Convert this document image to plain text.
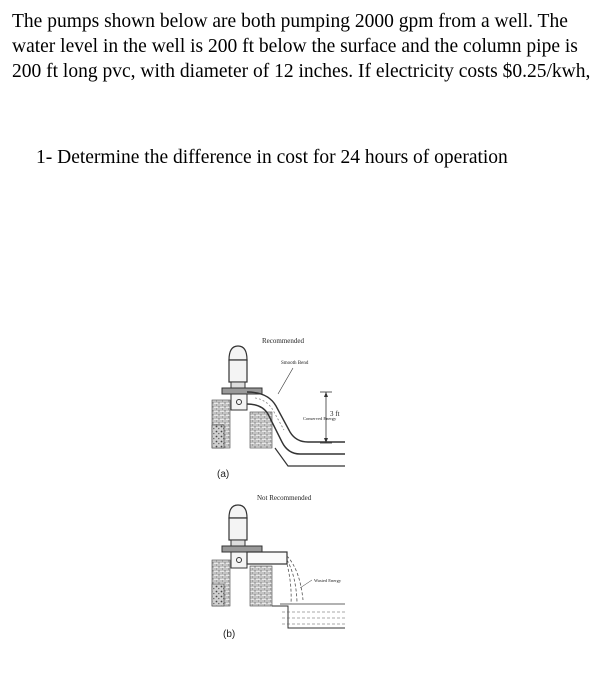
The pumps shown below are both pumping 2000 gpm from a well. The water level in the well is 200 ft below the surface and the column pipe is 200 ft long pvc, with diameter of 12 inches. If electricity costs $0.25/kwh,

1- Determine the difference in cost for 24 hours of operation

Recommended
Smooth Bend
3 ft
Conserved Energy
(a)
Not Recommended
Wasted Energy
(b)
